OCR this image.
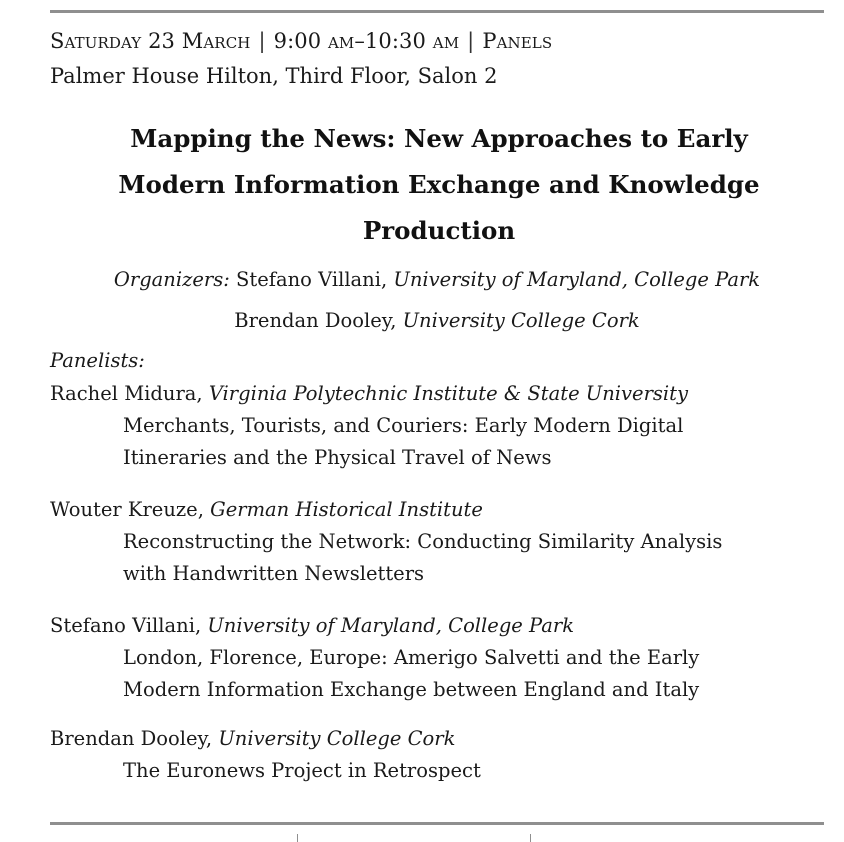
Saturday 23 March | 9:00 am–10:30 am | Panels
Palmer House Hilton, Third Floor, Salon 2
Mapping the News: New Approaches to Early
Modern Information Exchange and Knowledge
Production
Organizers: Stefano Villani, University of Maryland, College Park
Brendan Dooley, University College Cork
Panelists:
Rachel Midura, Virginia Polytechnic Institute & State University
Merchants, Tourists, and Couriers: Early Modern Digital
Itineraries and the Physical Travel of News
Wouter Kreuze, German Historical Institute
Reconstructing the Network: Conducting Similarity Analysis
with Handwritten Newsletters
Stefano Villani, University of Maryland, College Park
London, Florence, Europe: Amerigo Salvetti and the Early
Modern Information Exchange between England and Italy
Brendan Dooley, University College Cork
The Euronews Project in Retrospect
